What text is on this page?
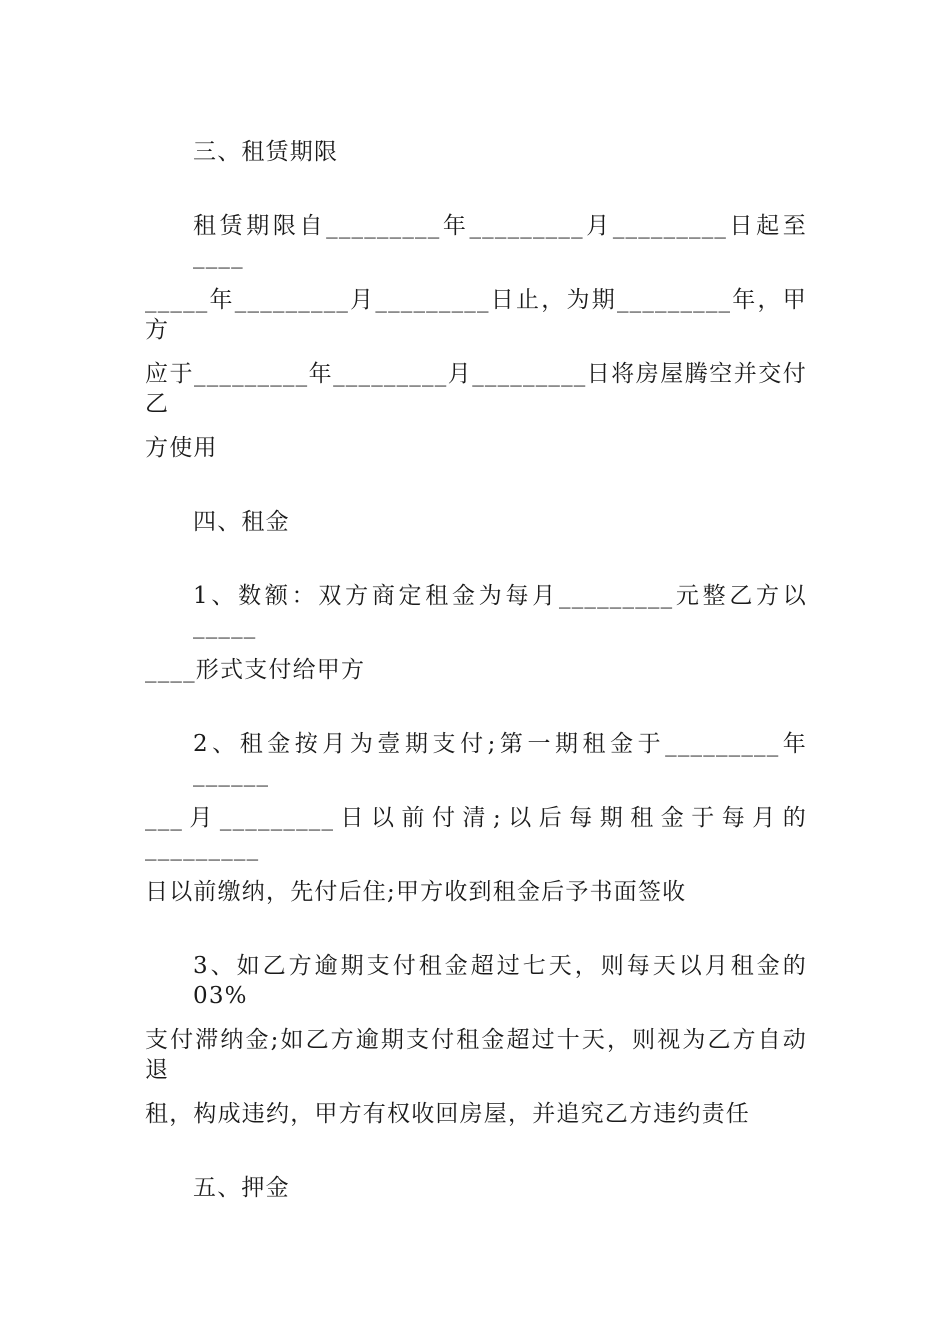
三、租赁期限
租赁期限自_________年_________月_________日起至____
_____年_________月_________日止，为期_________年，甲方
应于_________年_________月_________日将房屋腾空并交付乙
方使用
四、租金
1、数额：双方商定租金为每月_________元整乙方以_____
____形式支付给甲方
2、租金按月为壹期支付;第一期租金于_________年______
___月_________日以前付清;以后每期租金于每月的_________
日以前缴纳，先付后住;甲方收到租金后予书面签收
3、如乙方逾期支付租金超过七天，则每天以月租金的03%
支付滞纳金;如乙方逾期支付租金超过十天，则视为乙方自动退
租，构成违约，甲方有权收回房屋，并追究乙方违约责任
五、押金
